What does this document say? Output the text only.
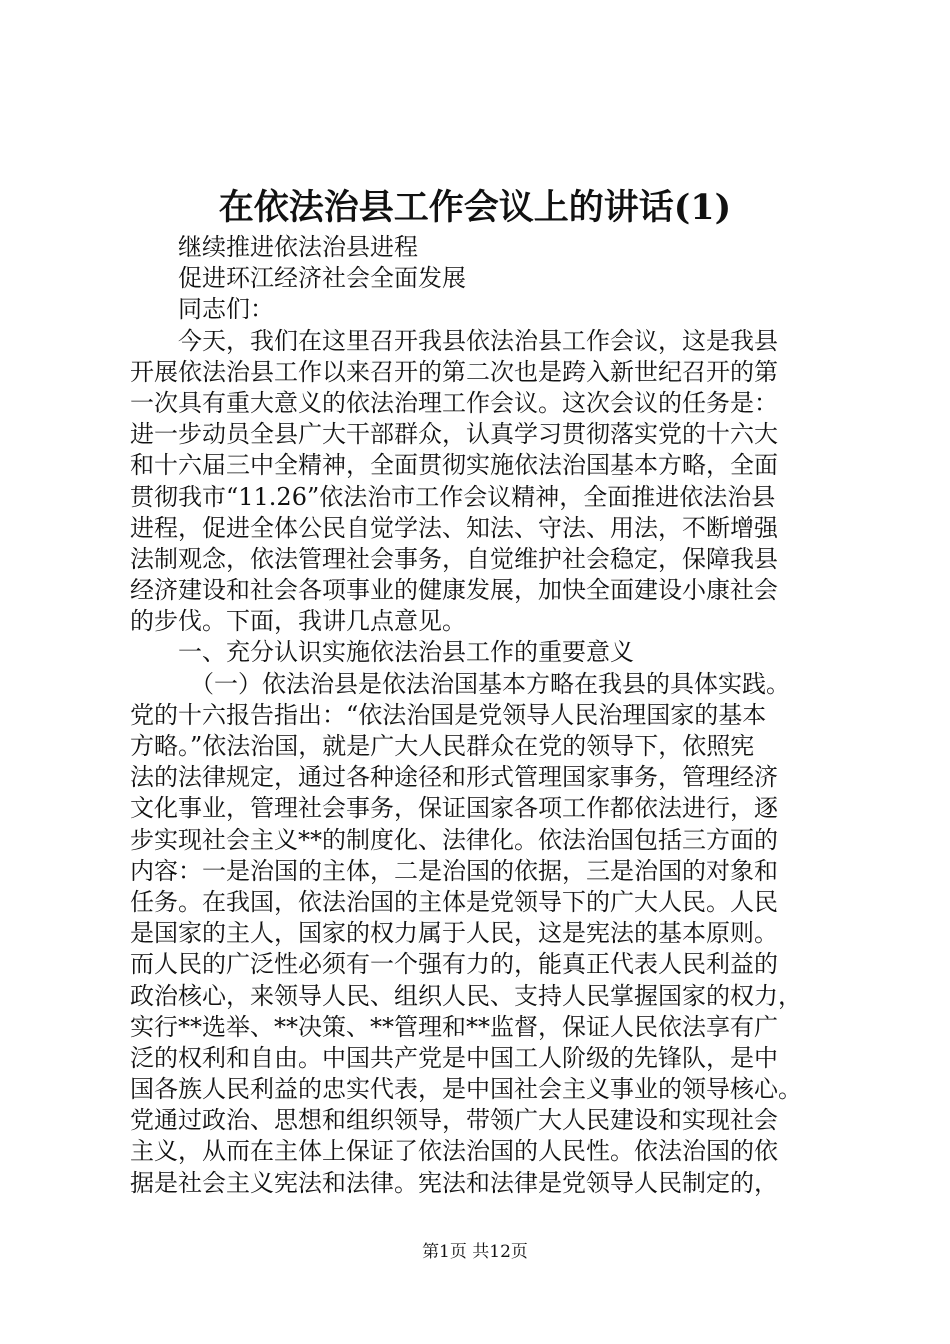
在依法治县工作会议上的讲话(1)
继续推进依法治县进程
促进环江经济社会全面发展
同志们：
今天，我们在这里召开我县依法治县工作会议，这是我县
开展依法治县工作以来召开的第二次也是跨入新世纪召开的第
一次具有重大意义的依法治理工作会议。这次会议的任务是：
进一步动员全县广大干部群众，认真学习贯彻落实党的十六大
和十六届三中全精神，全面贯彻实施依法治国基本方略，全面
贯彻我市“11.26”依法治市工作会议精神，全面推进依法治县
进程，促进全体公民自觉学法、知法、守法、用法，不断增强
法制观念，依法管理社会事务，自觉维护社会稳定，保障我县
经济建设和社会各项事业的健康发展，加快全面建设小康社会
的步伐。下面，我讲几点意见。
一、充分认识实施依法治县工作的重要意义
（一）依法治县是依法治国基本方略在我县的具体实践。
党的十六报告指出：“依法治国是党领导人民治理国家的基本
方略。”依法治国，就是广大人民群众在党的领导下，依照宪
法的法律规定，通过各种途径和形式管理国家事务，管理经济
文化事业，管理社会事务，保证国家各项工作都依法进行，逐
步实现社会主义**的制度化、法律化。依法治国包括三方面的
内容：一是治国的主体，二是治国的依据，三是治国的对象和
任务。在我国，依法治国的主体是党领导下的广大人民。人民
是国家的主人，国家的权力属于人民，这是宪法的基本原则。
而人民的广泛性必须有一个强有力的，能真正代表人民利益的
政治核心，来领导人民、组织人民、支持人民掌握国家的权力，
实行**选举、**决策、**管理和**监督，保证人民依法享有广
泛的权利和自由。中国共产党是中国工人阶级的先锋队，是中
国各族人民利益的忠实代表，是中国社会主义事业的领导核心。
党通过政治、思想和组织领导，带领广大人民建设和实现社会
主义，从而在主体上保证了依法治国的人民性。依法治国的依
据是社会主义宪法和法律。宪法和法律是党领导人民制定的，
第1页 共12页
